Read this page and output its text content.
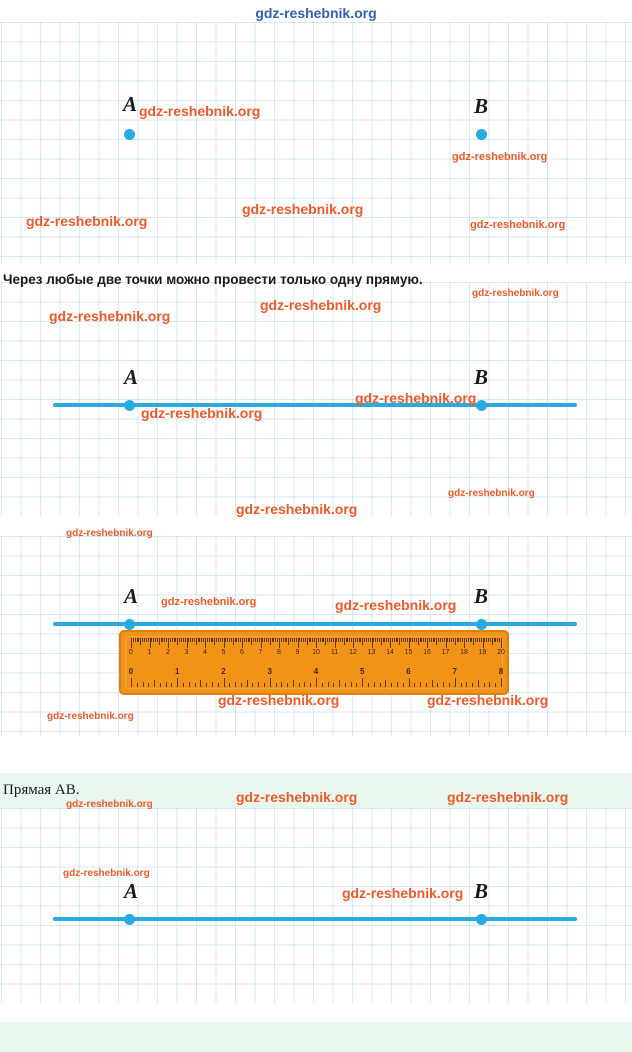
gdz-reshebnik.org
A	B
Через любые две точки можно провести только одну прямую.
A	B
A	B
0	1	2	3	4	5	6	7	8	9	10	11	12	13	14	15	16	17	18	19	20
0	1	2	3	4	5	6	7	8
Прямая AB.
A	B
gdz-reshebnik.org
gdz-reshebnik.org
gdz-reshebnik.org
gdz-reshebnik.org
gdz-reshebnik.org
gdz-reshebnik.org
gdz-reshebnik.org
gdz-reshebnik.org
gdz-reshebnik.org
gdz-reshebnik.org
gdz-reshebnik.org
gdz-reshebnik.org
gdz-reshebnik.org
gdz-reshebnik.org	gdz-reshebnik.org
gdz-reshebnik.org	gdz-reshebnik.org
gdz-reshebnik.org
gdz-reshebnik.org	gdz-reshebnik.org	gdz-reshebnik.org
gdz-reshebnik.org
gdz-reshebnik.org
